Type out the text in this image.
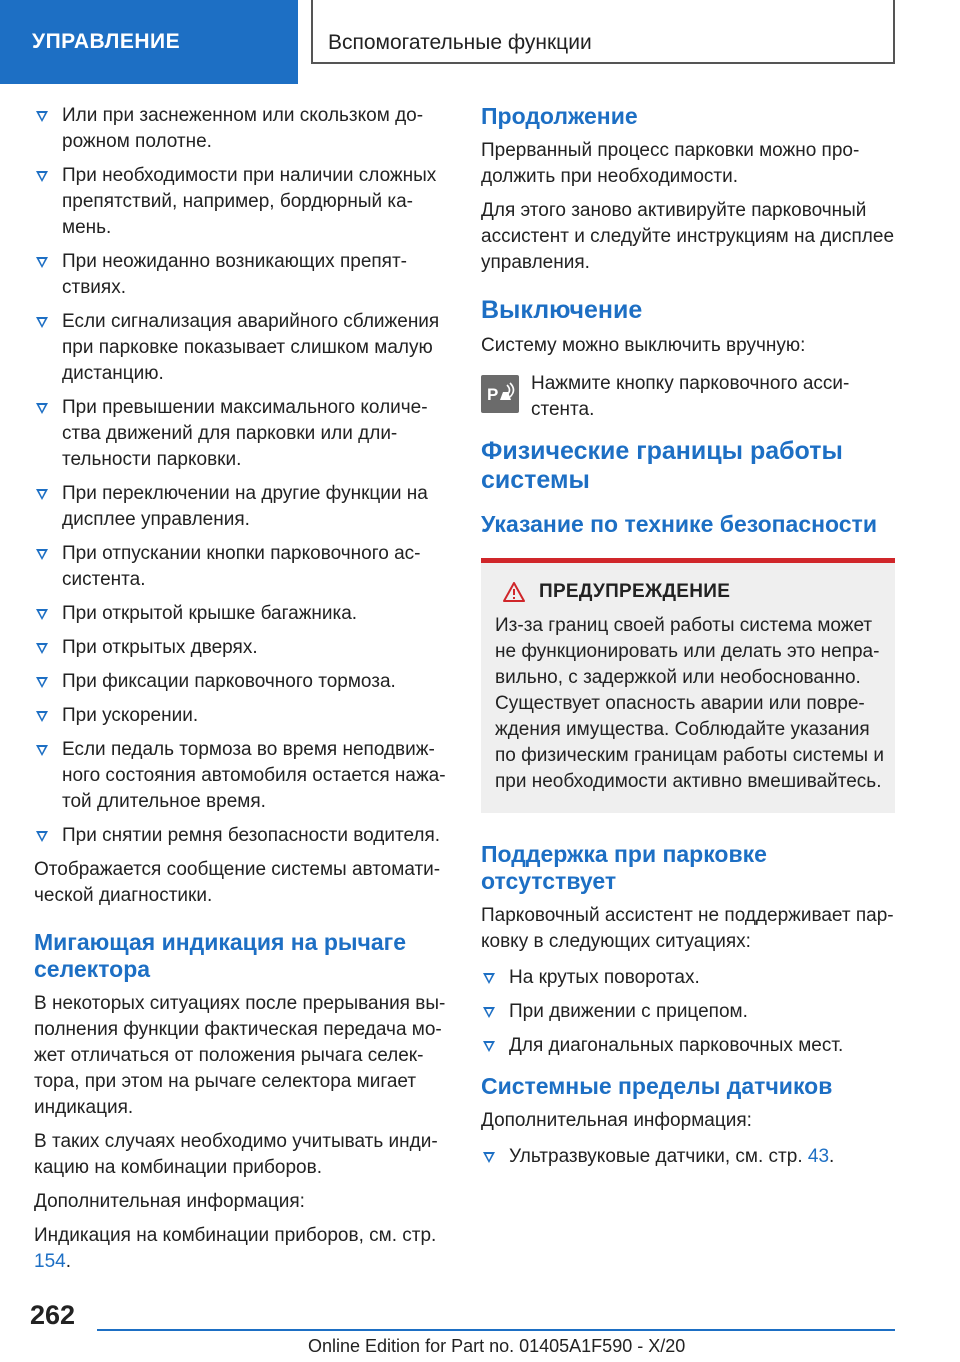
УПРАВЛЕНИЕ	Вспомогательные функции
Или при заснеженном или скользком до-рожном полотне.
При необходимости при наличии сложных препятствий, например, бордюрный ка-мень.
При неожиданно возникающих препят-ствиях.
Если сигнализация аварийного сближения при парковке показывает слишком малую дистанцию.
При превышении максимального количе-ства движений для парковки или дли-тельности парковки.
При переключении на другие функции на дисплее управления.
При отпускании кнопки парковочного ас-систента.
При открытой крышке багажника.
При открытых дверях.
При фиксации парковочного тормоза.
При ускорении.
Если педаль тормоза во время неподвиж-ного состояния автомобиля остается нажа-той длительное время.
При снятии ремня безопасности водителя.

Отображается сообщение системы автомати-ческой диагностики.

Мигающая индикация на рычаге селектора

В некоторых ситуациях после прерывания вы-полнения функции фактическая передача мо-жет отличаться от положения рычага селек-тора, при этом на рычаге селектора мигает индикация.

В таких случаях необходимо учитывать инди-кацию на комбинации приборов.

Дополнительная информация:

Индикация на комбинации приборов, см. стр. 154.

Продолжение

Прерванный процесс парковки можно про-должить при необходимости.

Для этого заново активируйте парковочный ассистент и следуйте инструкциям на дисплее управления.

Выключение

Систему можно выключить вручную:

P

Нажмите кнопку парковочного асси-стента.

Физические границы работы системы
Указание по технике безопасности
ПРЕДУПРЕЖДЕНИЕ

Из-за границ своей работы система может не функционировать или делать это непра-вильно, с задержкой или необоснованно. Существует опасность аварии или повре-ждения имущества. Соблюдайте указания по физическим границам работы системы и при необходимости активно вмешивайтесь.

Поддержка при парковке отсутствует

Парковочный ассистент не поддерживает пар-ковку в следующих ситуациях:

На крутых поворотах.
При движении с прицепом.
Для диагональных парковочных мест.
Системные пределы датчиков

Дополнительная информация:

Ультразвуковые датчики, см. стр. 43.
262
Online Edition for Part no. 01405A1F590 - X/20
